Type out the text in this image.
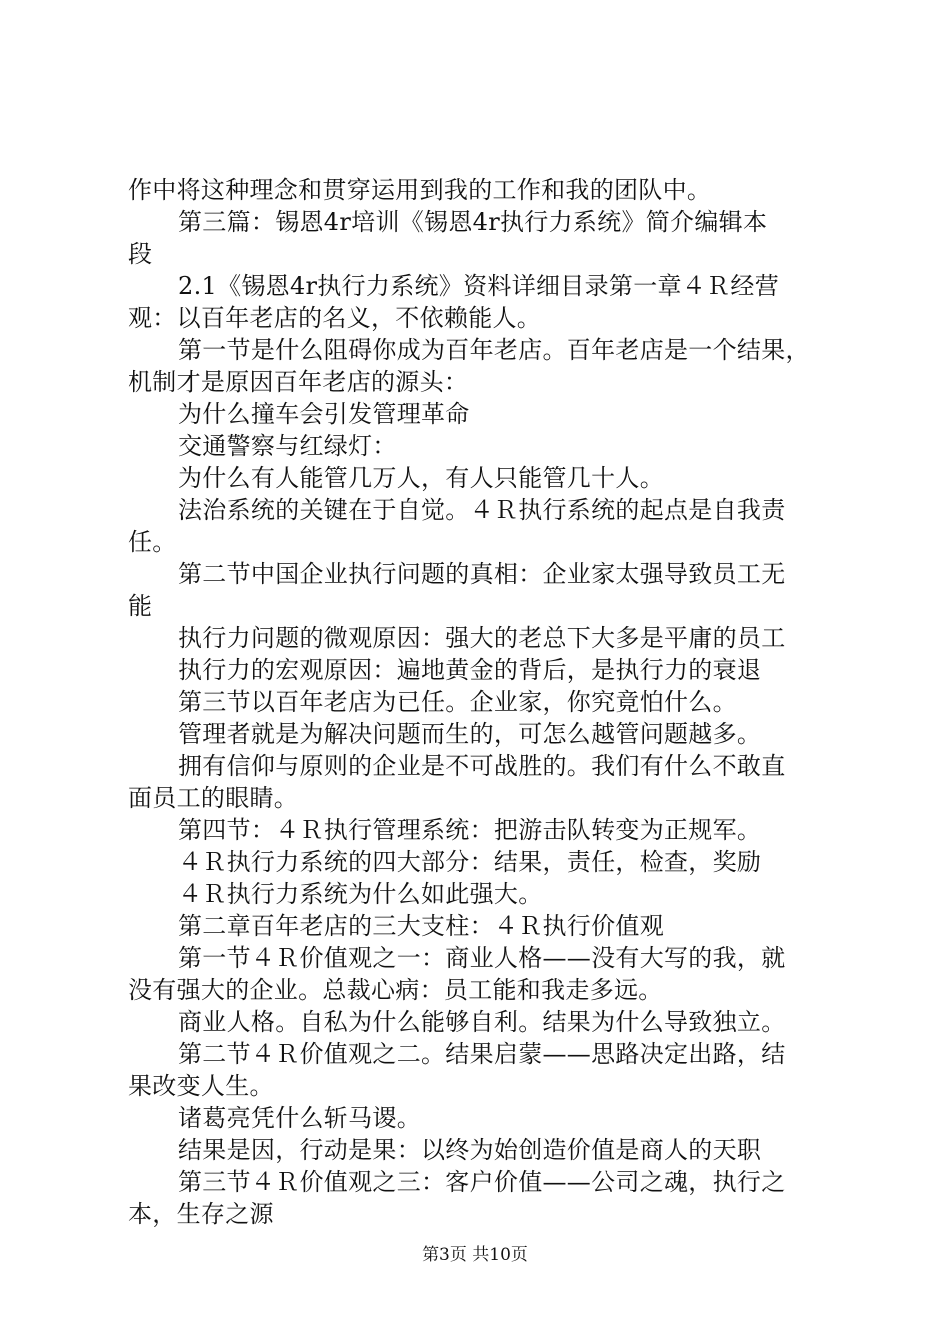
作中将这种理念和贯穿运用到我的工作和我的团队中。
第三篇：锡恩4r培训《锡恩4r执行力系统》简介编辑本
段
2.1《锡恩4r执行力系统》资料详细目录第一章４Ｒ经营
观：以百年老店的名义，不依赖能人。
第一节是什么阻碍你成为百年老店。百年老店是一个结果，
机制才是原因百年老店的源头：
为什么撞车会引发管理革命
交通警察与红绿灯：
为什么有人能管几万人，有人只能管几十人。
法治系统的关键在于自觉。４Ｒ执行系统的起点是自我责
任。
第二节中国企业执行问题的真相：企业家太强导致员工无
能
执行力问题的微观原因：强大的老总下大多是平庸的员工
执行力的宏观原因：遍地黄金的背后，是执行力的衰退
第三节以百年老店为已任。企业家，你究竟怕什么。
管理者就是为解决问题而生的，可怎么越管问题越多。
拥有信仰与原则的企业是不可战胜的。我们有什么不敢直
面员工的眼睛。
第四节：４Ｒ执行管理系统：把游击队转变为正规军。
４Ｒ执行力系统的四大部分：结果，责任，检查，奖励
４Ｒ执行力系统为什么如此强大。
第二章百年老店的三大支柱：４Ｒ执行价值观
第一节４Ｒ价值观之一：商业人格——没有大写的我，就
没有强大的企业。总裁心病：员工能和我走多远。
商业人格。自私为什么能够自利。结果为什么导致独立。
第二节４Ｒ价值观之二。结果启蒙——思路决定出路，结
果改变人生。
诸葛亮凭什么斩马谡。
结果是因，行动是果：以终为始创造价值是商人的天职
第三节４Ｒ价值观之三：客户价值——公司之魂，执行之
本，生存之源
第3页 共10页
